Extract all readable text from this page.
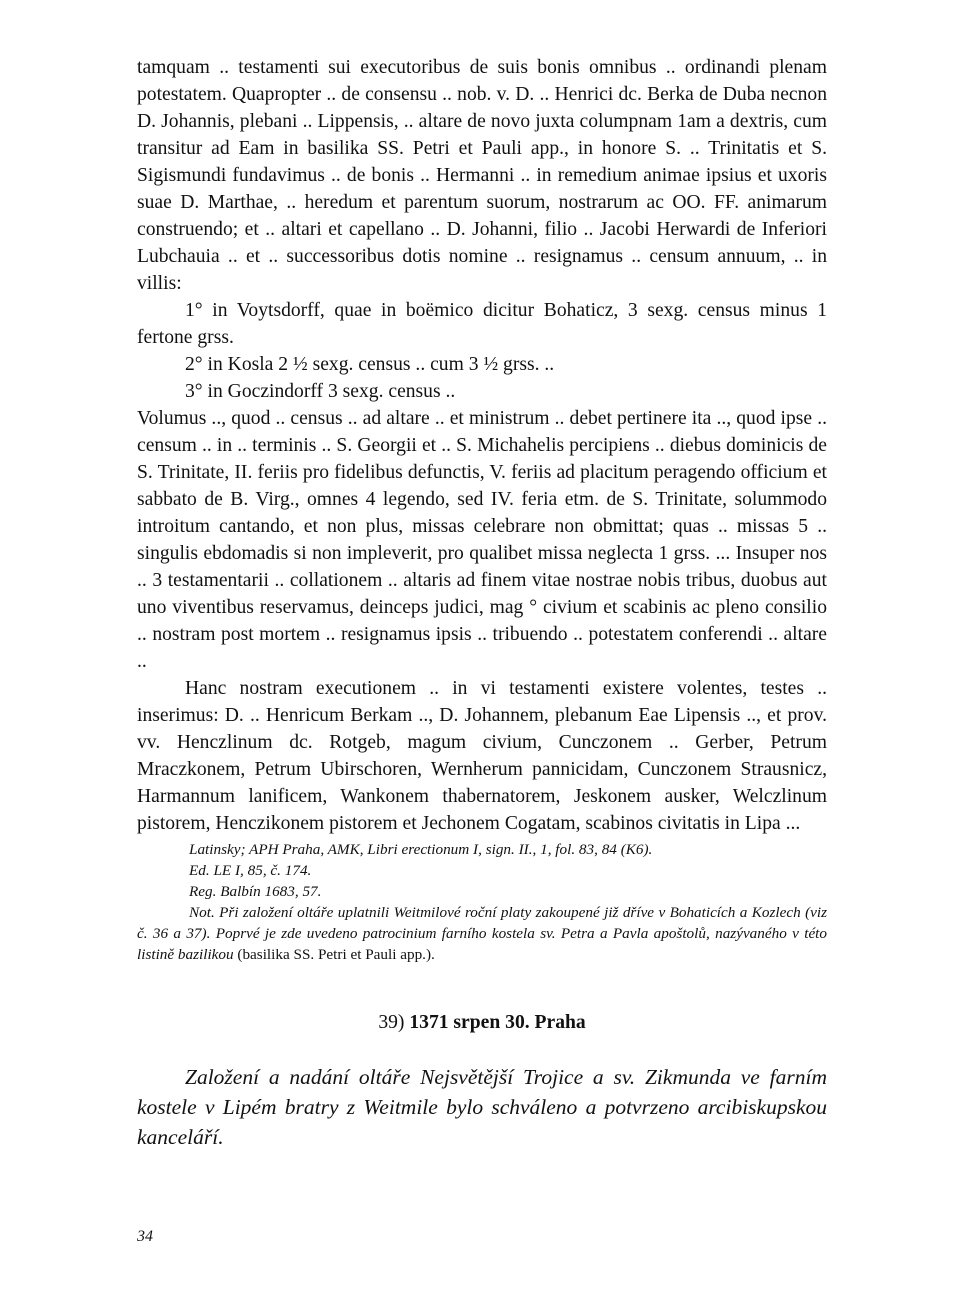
tamquam .. testamenti sui executoribus de suis bonis omnibus .. ordinandi plenam potestatem. Quapropter .. de consensu .. nob. v. D. .. Henrici dc. Berka de Duba necnon D. Johannis, plebani .. Lippensis, .. altare de novo juxta columpnam 1am a dextris, cum transitur ad Eam in basilika SS. Petri et Pauli app., in honore S. .. Trinitatis et S. Sigismundi fundavimus .. de bonis .. Hermanni .. in remedium animae ipsius et uxoris suae D. Marthae, .. heredum et parentum suorum, nostrarum ac OO. FF. animarum construendo; et .. altari et capellano .. D. Johanni, filio .. Jacobi Herwardi de Inferiori Lubchauia .. et .. successoribus dotis nomine .. resignamus .. censum annuum, .. in villis:

1° in Voytsdorff, quae in boëmico dicitur Bohaticz, 3 sexg. census minus 1 fertone grss.

2° in Kosla 2 ½ sexg. census .. cum 3 ½ grss. ..

3° in Goczindorff 3 sexg. census ..

Volumus .., quod .. census .. ad altare .. et ministrum .. debet pertinere ita .., quod ipse .. censum .. in .. terminis .. S. Georgii et .. S. Michahelis percipiens .. diebus dominicis de S. Trinitate, II. feriis pro fidelibus defunctis, V. feriis ad placitum peragendo officium et sabbato de B. Virg., omnes 4 legendo, sed IV. feria etm. de S. Trinitate, solummodo introitum cantando, et non plus, missas celebrare non obmittat; quas .. missas 5 .. singulis ebdomadis si non impleverit, pro qualibet missa neglecta 1 grss. ... Insuper nos .. 3 testamentarii .. collationem .. altaris ad finem vitae nostrae nobis tribus, duobus aut uno viventibus reservamus, deinceps judici, mag ° civium et scabinis ac pleno consilio .. nostram post mortem .. resignamus ipsis .. tribuendo .. potestatem conferendi .. altare ..

Hanc nostram executionem .. in vi testamenti existere volentes, testes .. inserimus: D. .. Henricum Berkam .., D. Johannem, plebanum Eae Lipensis .., et prov. vv. Henczlinum dc. Rotgeb, magum civium, Cunczonem .. Gerber, Petrum Mraczkonem, Petrum Ubirschoren, Wernherum pannicidam, Cunczonem Strausnicz, Harmannum lanificem, Wankonem thabernatorem, Jeskonem ausker, Welczlinum pistorem, Henczikonem pistorem et Jechonem Cogatam, scabinos civitatis in Lipa ...

Latinsky; APH Praha, AMK, Libri erectionum I, sign. II., 1, fol. 83, 84 (K6).

Ed. LE I, 85, č. 174.

Reg. Balbín 1683, 57.

Not. Při založení oltáře uplatnili Weitmilové roční platy zakoupené již dříve v Bohaticích a Kozlech (viz č. 36 a 37). Poprvé je zde uvedeno patrocinium farního kostela sv. Petra a Pavla apoštolů, nazývaného v této listině bazilikou (basilika SS. Petri et Pauli app.).

39) 1371 srpen 30. Praha
Založení a nadání oltáře Nejsvětější Trojice a sv. Zikmunda ve farním kostele v Lipém bratry z Weitmile bylo schváleno a potvrzeno arcibiskupskou kanceláří.
34
